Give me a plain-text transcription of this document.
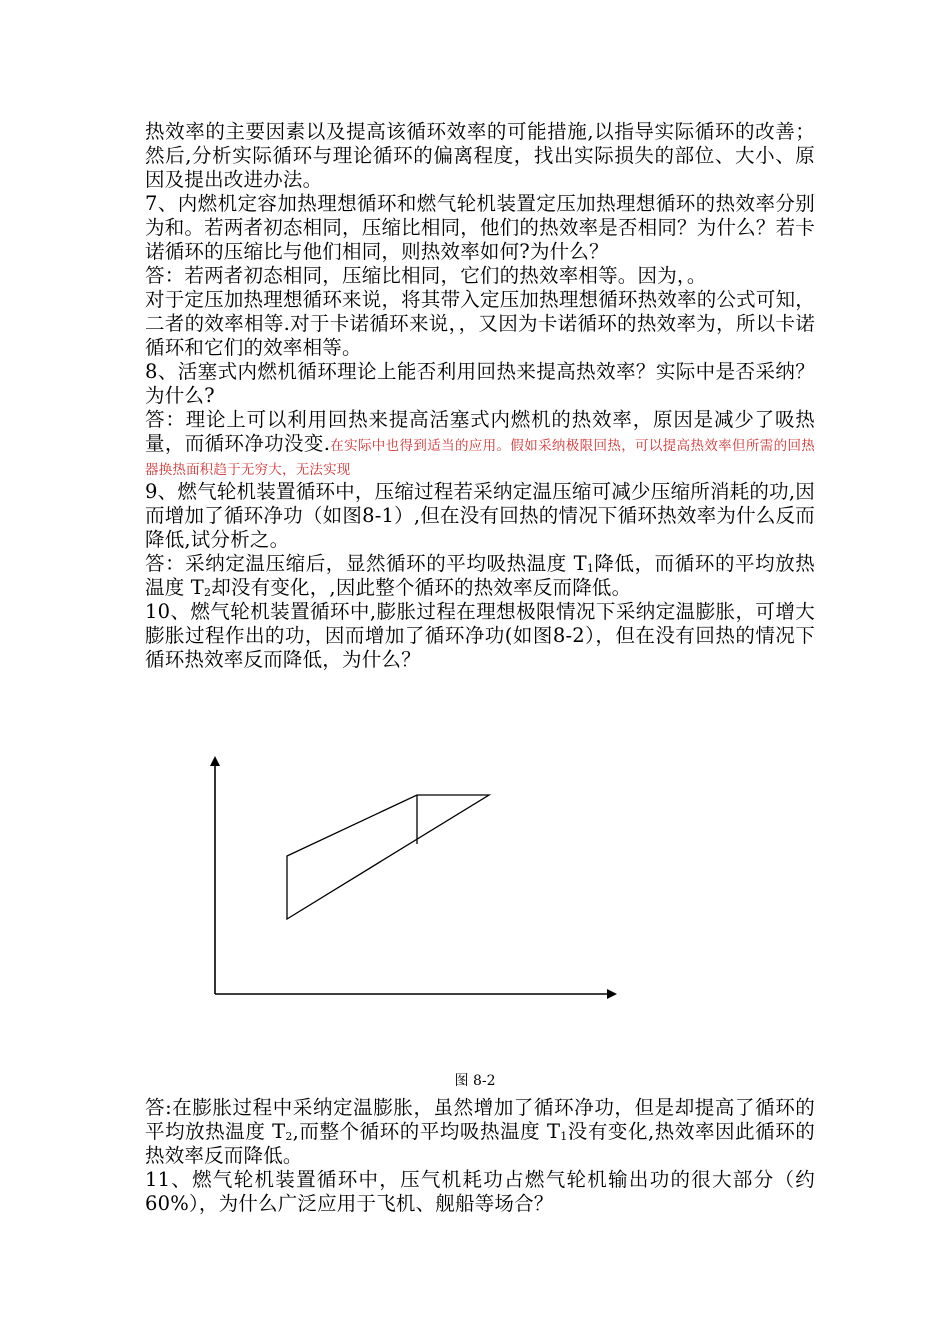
热效率的主要因素以及提高该循环效率的可能措施,以指导实际循环的改善；然后,分析实际循环与理论循环的偏离程度，找出实际损失的部位、大小、原因及提出改进办法。

7、内燃机定容加热理想循环和燃气轮机装置定压加热理想循环的热效率分别为和。若两者初态相同，压缩比相同，他们的热效率是否相同？为什么？若卡诺循环的压缩比与他们相同，则热效率如何?为什么？

答：若两者初态相同，压缩比相同，它们的热效率相等。因为，。

对于定压加热理想循环来说，将其带入定压加热理想循环热效率的公式可知，二者的效率相等.对于卡诺循环来说，，又因为卡诺循环的热效率为，所以卡诺循环和它们的效率相等。

8、活塞式内燃机循环理论上能否利用回热来提高热效率？实际中是否采纳？为什么?

答：理论上可以利用回热来提高活塞式内燃机的热效率，原因是减少了吸热量，而循环净功没变.在实际中也得到适当的应用。假如采纳极限回热，可以提高热效率但所需的回热器换热面积趋于无穷大，无法实现

9、燃气轮机装置循环中，压缩过程若采纳定温压缩可减少压缩所消耗的功,因而增加了循环净功（如图8-1）,但在没有回热的情况下循环热效率为什么反而降低,试分析之。

答：采纳定温压缩后，显然循环的平均吸热温度 $T_1$降低，而循环的平均放热温度 $T_2$却没有变化，,因此整个循环的热效率反而降低。

10、燃气轮机装置循环中,膨胀过程在理想极限情况下采纳定温膨胀，可增大膨胀过程作出的功，因而增加了循环净功(如图8-2），但在没有回热的情况下循环热效率反而降低，为什么？

图 8-2

答:在膨胀过程中采纳定温膨胀，虽然增加了循环净功，但是却提高了循环的平均放热温度 $T_2$,而整个循环的平均吸热温度 $T_1$没有变化,热效率因此循环的热效率反而降低。

11、燃气轮机装置循环中，压气机耗功占燃气轮机输出功的很大部分（约60%），为什么广泛应用于飞机、舰船等场合？
